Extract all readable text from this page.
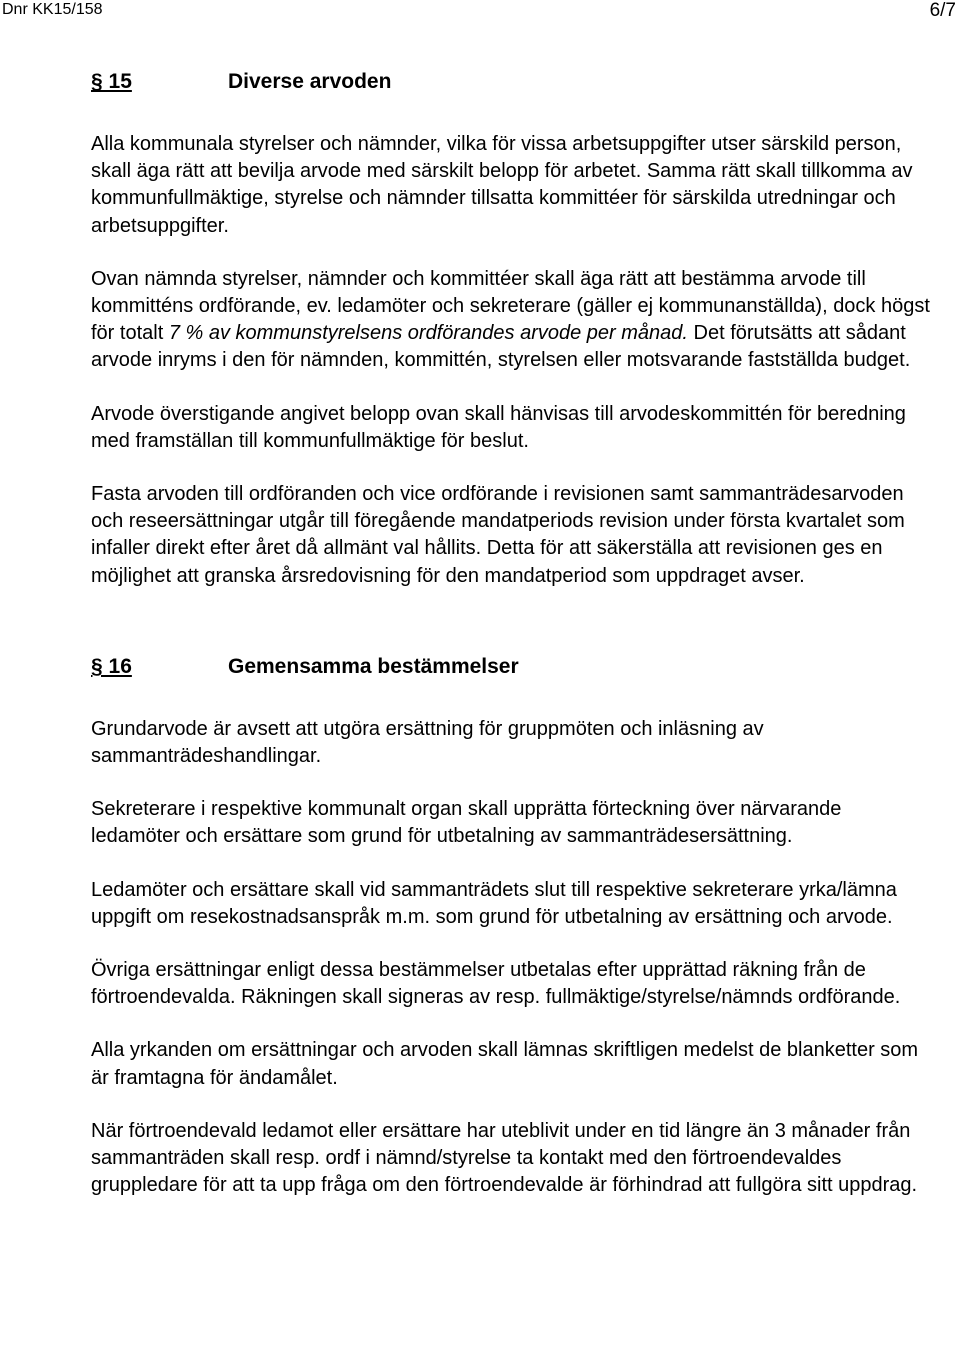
Dnr KK15/158	6/7
§ 15	Diverse arvoden

Alla kommunala styrelser och nämnder, vilka för vissa arbetsuppgifter utser särskild person, skall äga rätt att bevilja arvode med särskilt belopp för arbetet. Samma rätt skall tillkomma av kommunfullmäktige, styrelse och nämnder tillsatta kommittéer för särskilda utredningar och arbetsuppgifter.

Ovan nämnda styrelser, nämnder och kommittéer skall äga rätt att bestämma arvode till kommitténs ordförande, ev. ledamöter och sekreterare (gäller ej kommunanställda), dock högst för totalt 7 % av kommunstyrelsens ordförandes arvode per månad. Det förutsätts att sådant arvode inryms i den för nämnden, kommittén, styrelsen eller motsvarande fastställda budget.

Arvode överstigande angivet belopp ovan skall hänvisas till arvodeskommittén för beredning
med framställan till kommunfullmäktige för beslut.

Fasta arvoden till ordföranden och vice ordförande i revisionen samt sammanträdesarvoden och reseersättningar utgår till föregående mandatperiods revision under första kvartalet som infaller direkt efter året då allmänt val hållits. Detta för att säkerställa att revisionen ges en möjlighet att granska årsredovisning för den mandatperiod som uppdraget avser.

§ 16	Gemensamma bestämmelser

Grundarvode är avsett att utgöra ersättning för gruppmöten och inläsning av sammanträdeshandlingar.

Sekreterare i respektive kommunalt organ skall upprätta förteckning över närvarande ledamöter och ersättare som grund för utbetalning av sammanträdesersättning.

Ledamöter och ersättare skall vid sammanträdets slut till respektive sekreterare yrka/lämna uppgift om resekostnadsanspråk m.m. som grund för utbetalning av ersättning och arvode.

Övriga ersättningar enligt dessa bestämmelser utbetalas efter upprättad räkning från de förtroendevalda. Räkningen skall signeras av resp. fullmäktige/styrelse/nämnds ordförande.

Alla yrkanden om ersättningar och arvoden skall lämnas skriftligen medelst de blanketter som är framtagna för ändamålet.

När förtroendevald ledamot eller ersättare har uteblivit under en tid längre än 3 månader från sammanträden skall resp. ordf i nämnd/styrelse ta kontakt med den förtroendevaldes gruppledare för att ta upp fråga om den förtroendevalde är förhindrad att fullgöra sitt uppdrag.
